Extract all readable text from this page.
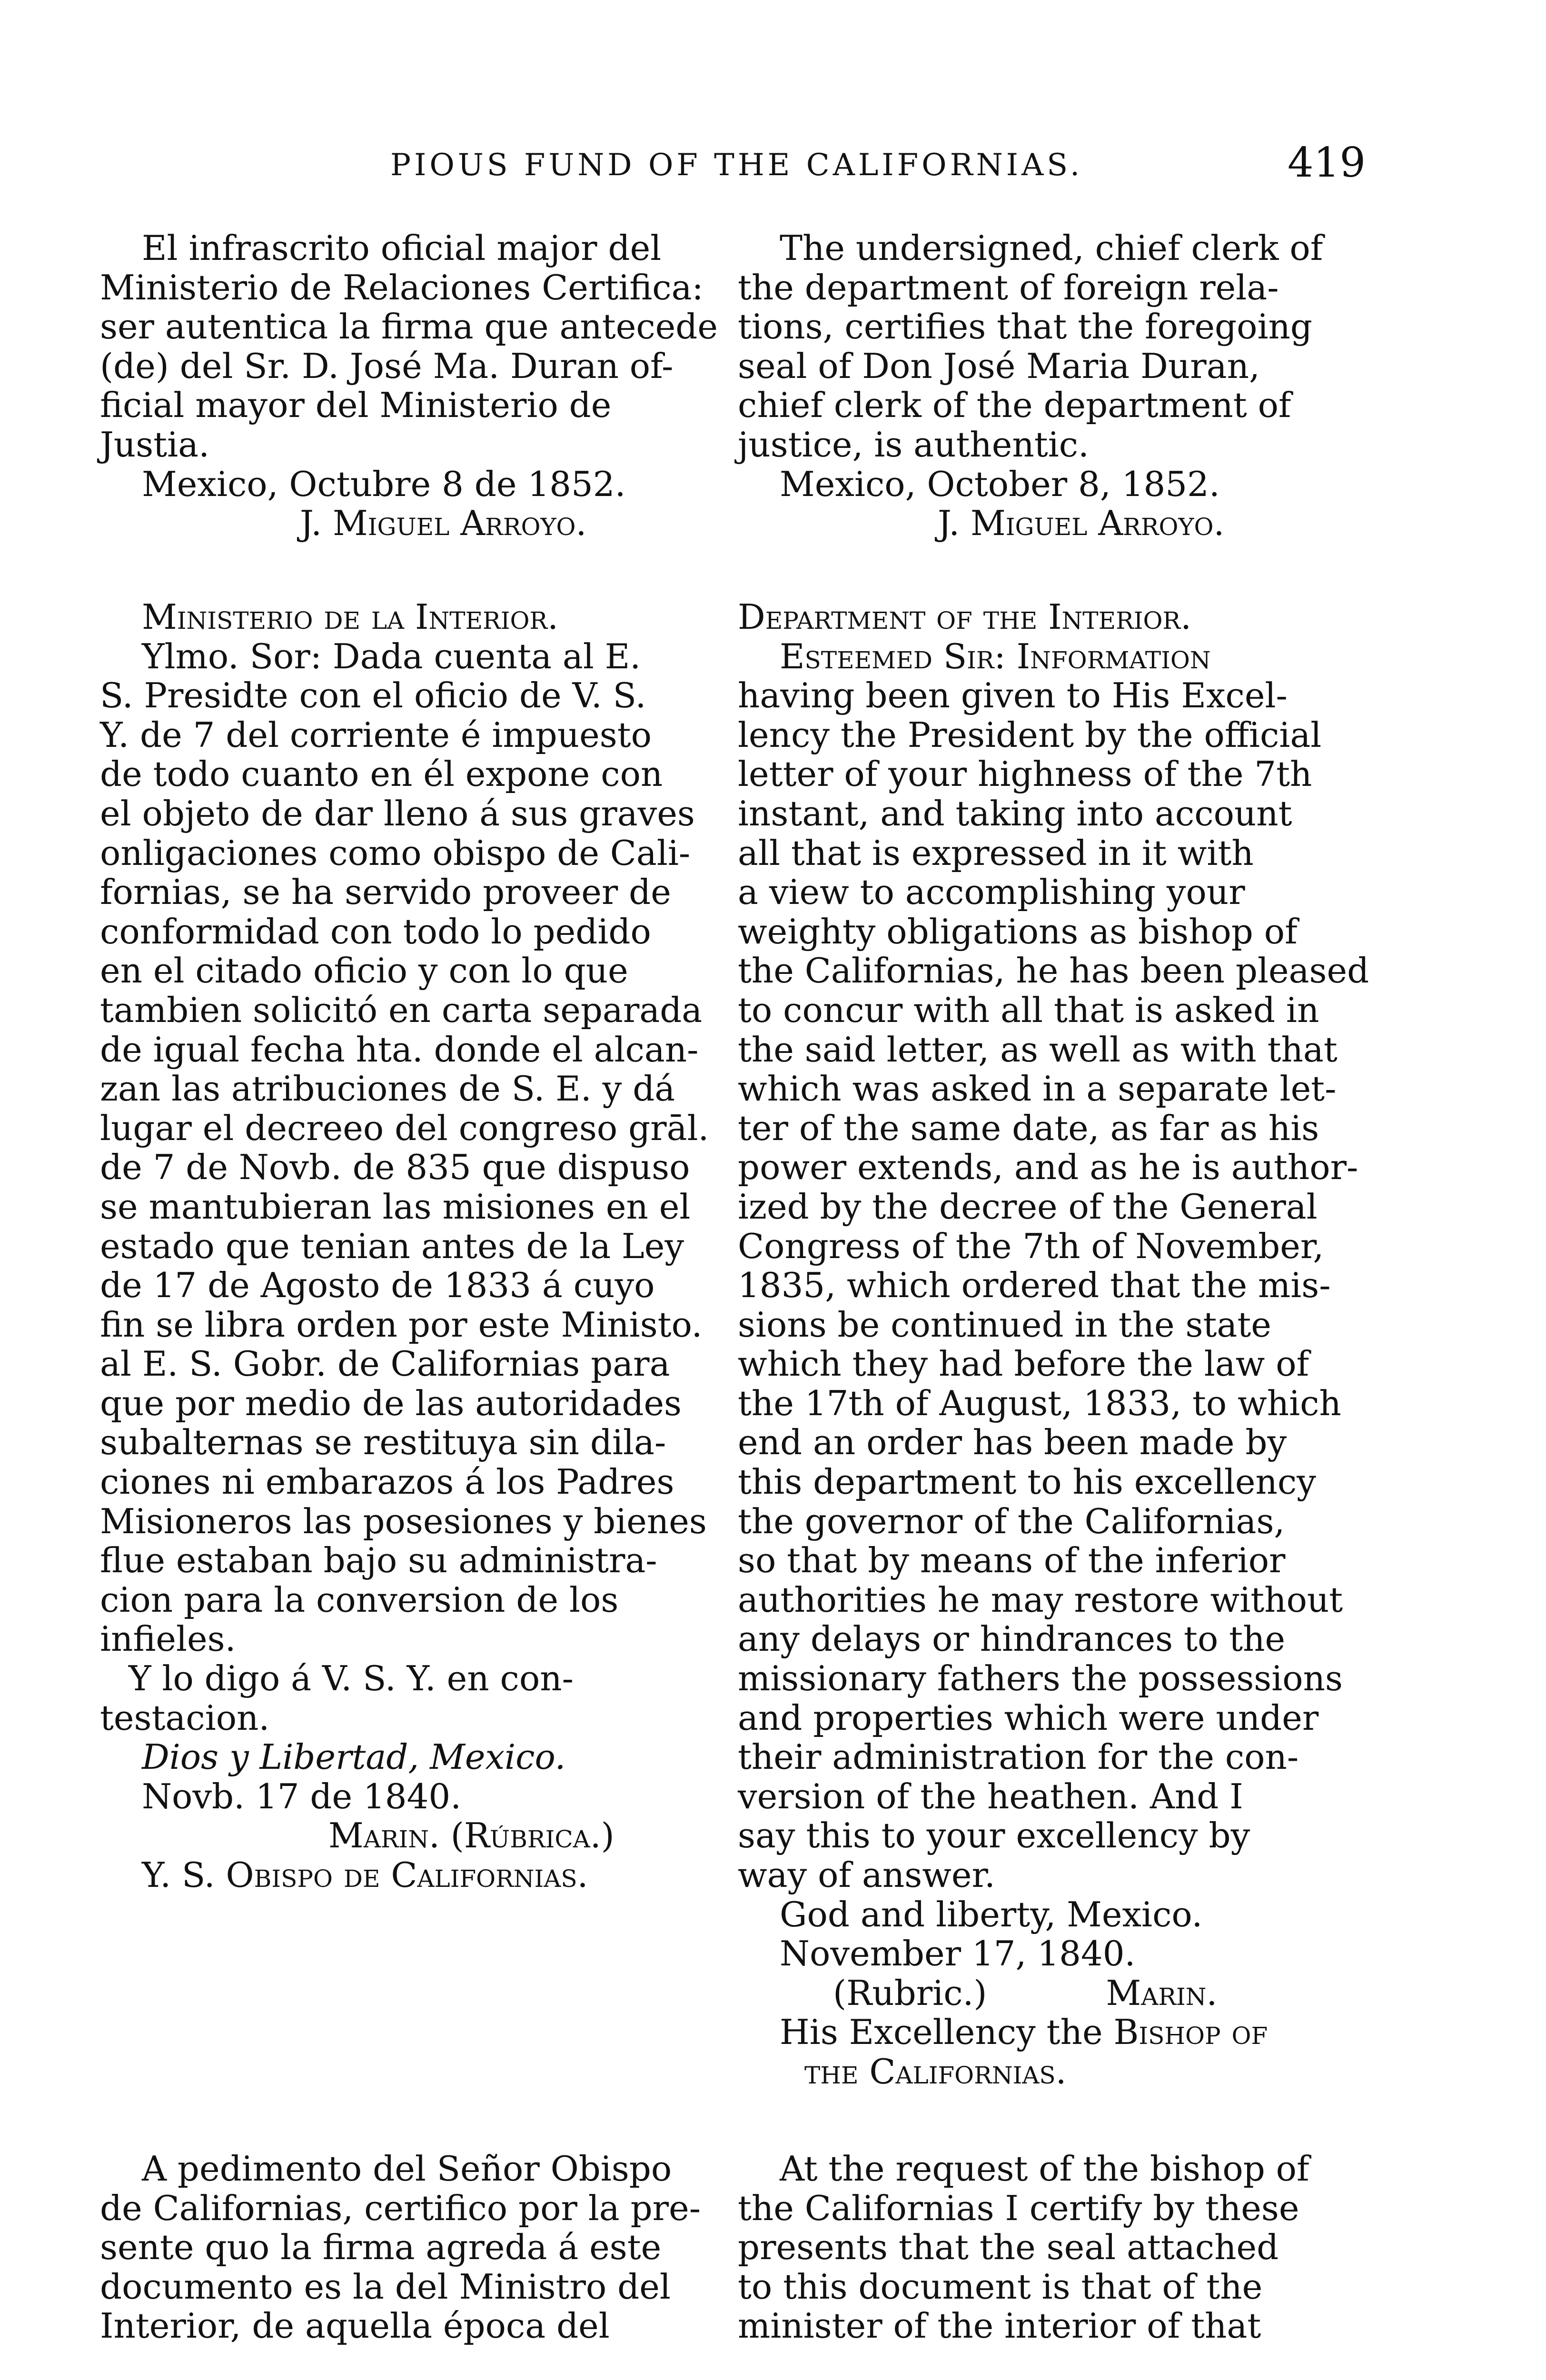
PIOUS FUND OF THE CALIFORNIAS.	419
El infrascrito oficial major del
Ministerio de Relaciones Certifica:
ser autentica la firma que antecede
(de) del Sr. D. José Ma. Duran of-
ficial mayor del Ministerio de
Justia.
Mexico, Octubre 8 de 1852.
J. Miguel Arroyo.
Ministerio de la Interior.
Ylmo. Sor: Dada cuenta al E.
S. Presidte con el oficio de V. S.
Y. de 7 del corriente é impuesto
de todo cuanto en él expone con
el objeto de dar lleno á sus graves
onligaciones como obispo de Cali-
fornias, se ha servido proveer de
conformidad con todo lo pedido
en el citado oficio y con lo que
tambien solicitó en carta separada
de igual fecha hta. donde el alcan-
zan las atribuciones de S. E. y dá
lugar el decreeo del congreso grāl.
de 7 de Novb. de 835 que dispuso
se mantubieran las misiones en el
estado que tenian antes de la Ley
de 17 de Agosto de 1833 á cuyo
fin se libra orden por este Ministo.
al E. S. Gobr. de Californias para
que por medio de las autoridades
subalternas se restituya sin dila-
ciones ni embarazos á los Padres
Misioneros las posesiones y bienes
flue estaban bajo su administra-
cion para la conversion de los
infieles.
Y lo digo á V. S. Y. en con-
testacion.
Dios y Libertad, Mexico.
Novb. 17 de 1840.
Marin. (Rúbrica.)
Y. S. Obispo de Californias.
A pedimento del Señor Obispo
de Californias, certifico por la pre-
sente quo la firma agreda á este
documento es la del Ministro del
Interior, de aquella época del
The undersigned, chief clerk of
the department of foreign rela-
tions, certifies that the foregoing
seal of Don José Maria Duran,
chief clerk of the department of
justice, is authentic.
Mexico, October 8, 1852.
J. Miguel Arroyo.
Department of the Interior.
Esteemed Sir: Information
having been given to His Excel-
lency the President by the official
letter of your highness of the 7th
instant, and taking into account
all that is expressed in it with
a view to accomplishing your
weighty obligations as bishop of
the Californias, he has been pleased
to concur with all that is asked in
the said letter, as well as with that
which was asked in a separate let-
ter of the same date, as far as his
power extends, and as he is author-
ized by the decree of the General
Congress of the 7th of November,
1835, which ordered that the mis-
sions be continued in the state
which they had before the law of
the 17th of August, 1833, to which
end an order has been made by
this department to his excellency
the governor of the Californias,
so that by means of the inferior
authorities he may restore without
any delays or hindrances to the
missionary fathers the possessions
and properties which were under
their administration for the con-
version of the heathen. And I
say this to your excellency by
way of answer.
God and liberty, Mexico.
November 17, 1840.
(Rubric.)	Marin.
His Excellency the Bishop of
the Californias.
At the request of the bishop of
the Californias I certify by these
presents that the seal attached
to this document is that of the
minister of the interior of that
